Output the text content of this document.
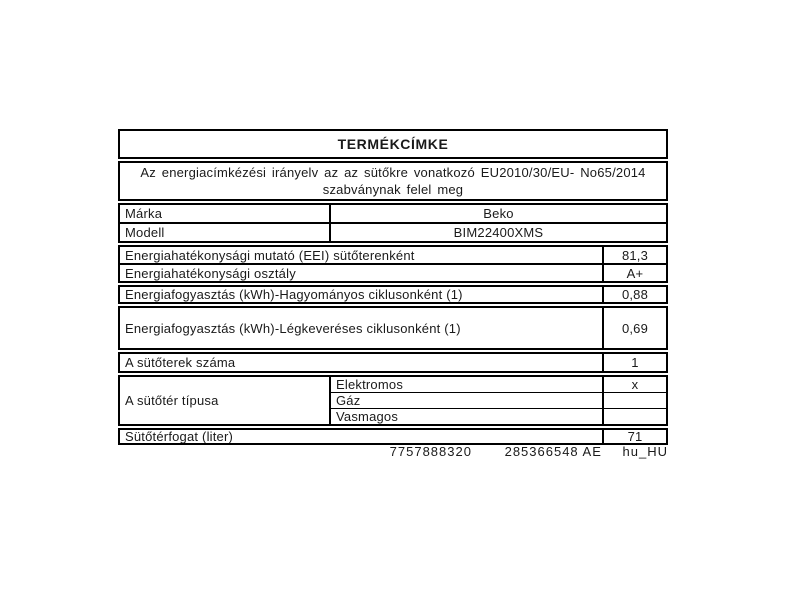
TERMÉKCÍMKE
Az energiacímkézési irányelv az az sütőkre vonatkozó EU2010/30/EU- No65/2014
szabványnak felel meg
Márka	Beko
Modell	BIM22400XMS
Energiahatékonysági mutató (EEI) sütőterenként	81,3
Energiahatékonysági osztály	A+
Energiafogyasztás (kWh)-Hagyományos ciklusonként (1)	0,88
Energiafogyasztás (kWh)-Légkeveréses ciklusonként (1)	0,69
A sütőterek száma	1
A sütőtér típusa
Elektromos	x
Gáz
Vasmagos
Sütőtérfogat (liter)	71
7757888320	285366548 AE hu_HU
